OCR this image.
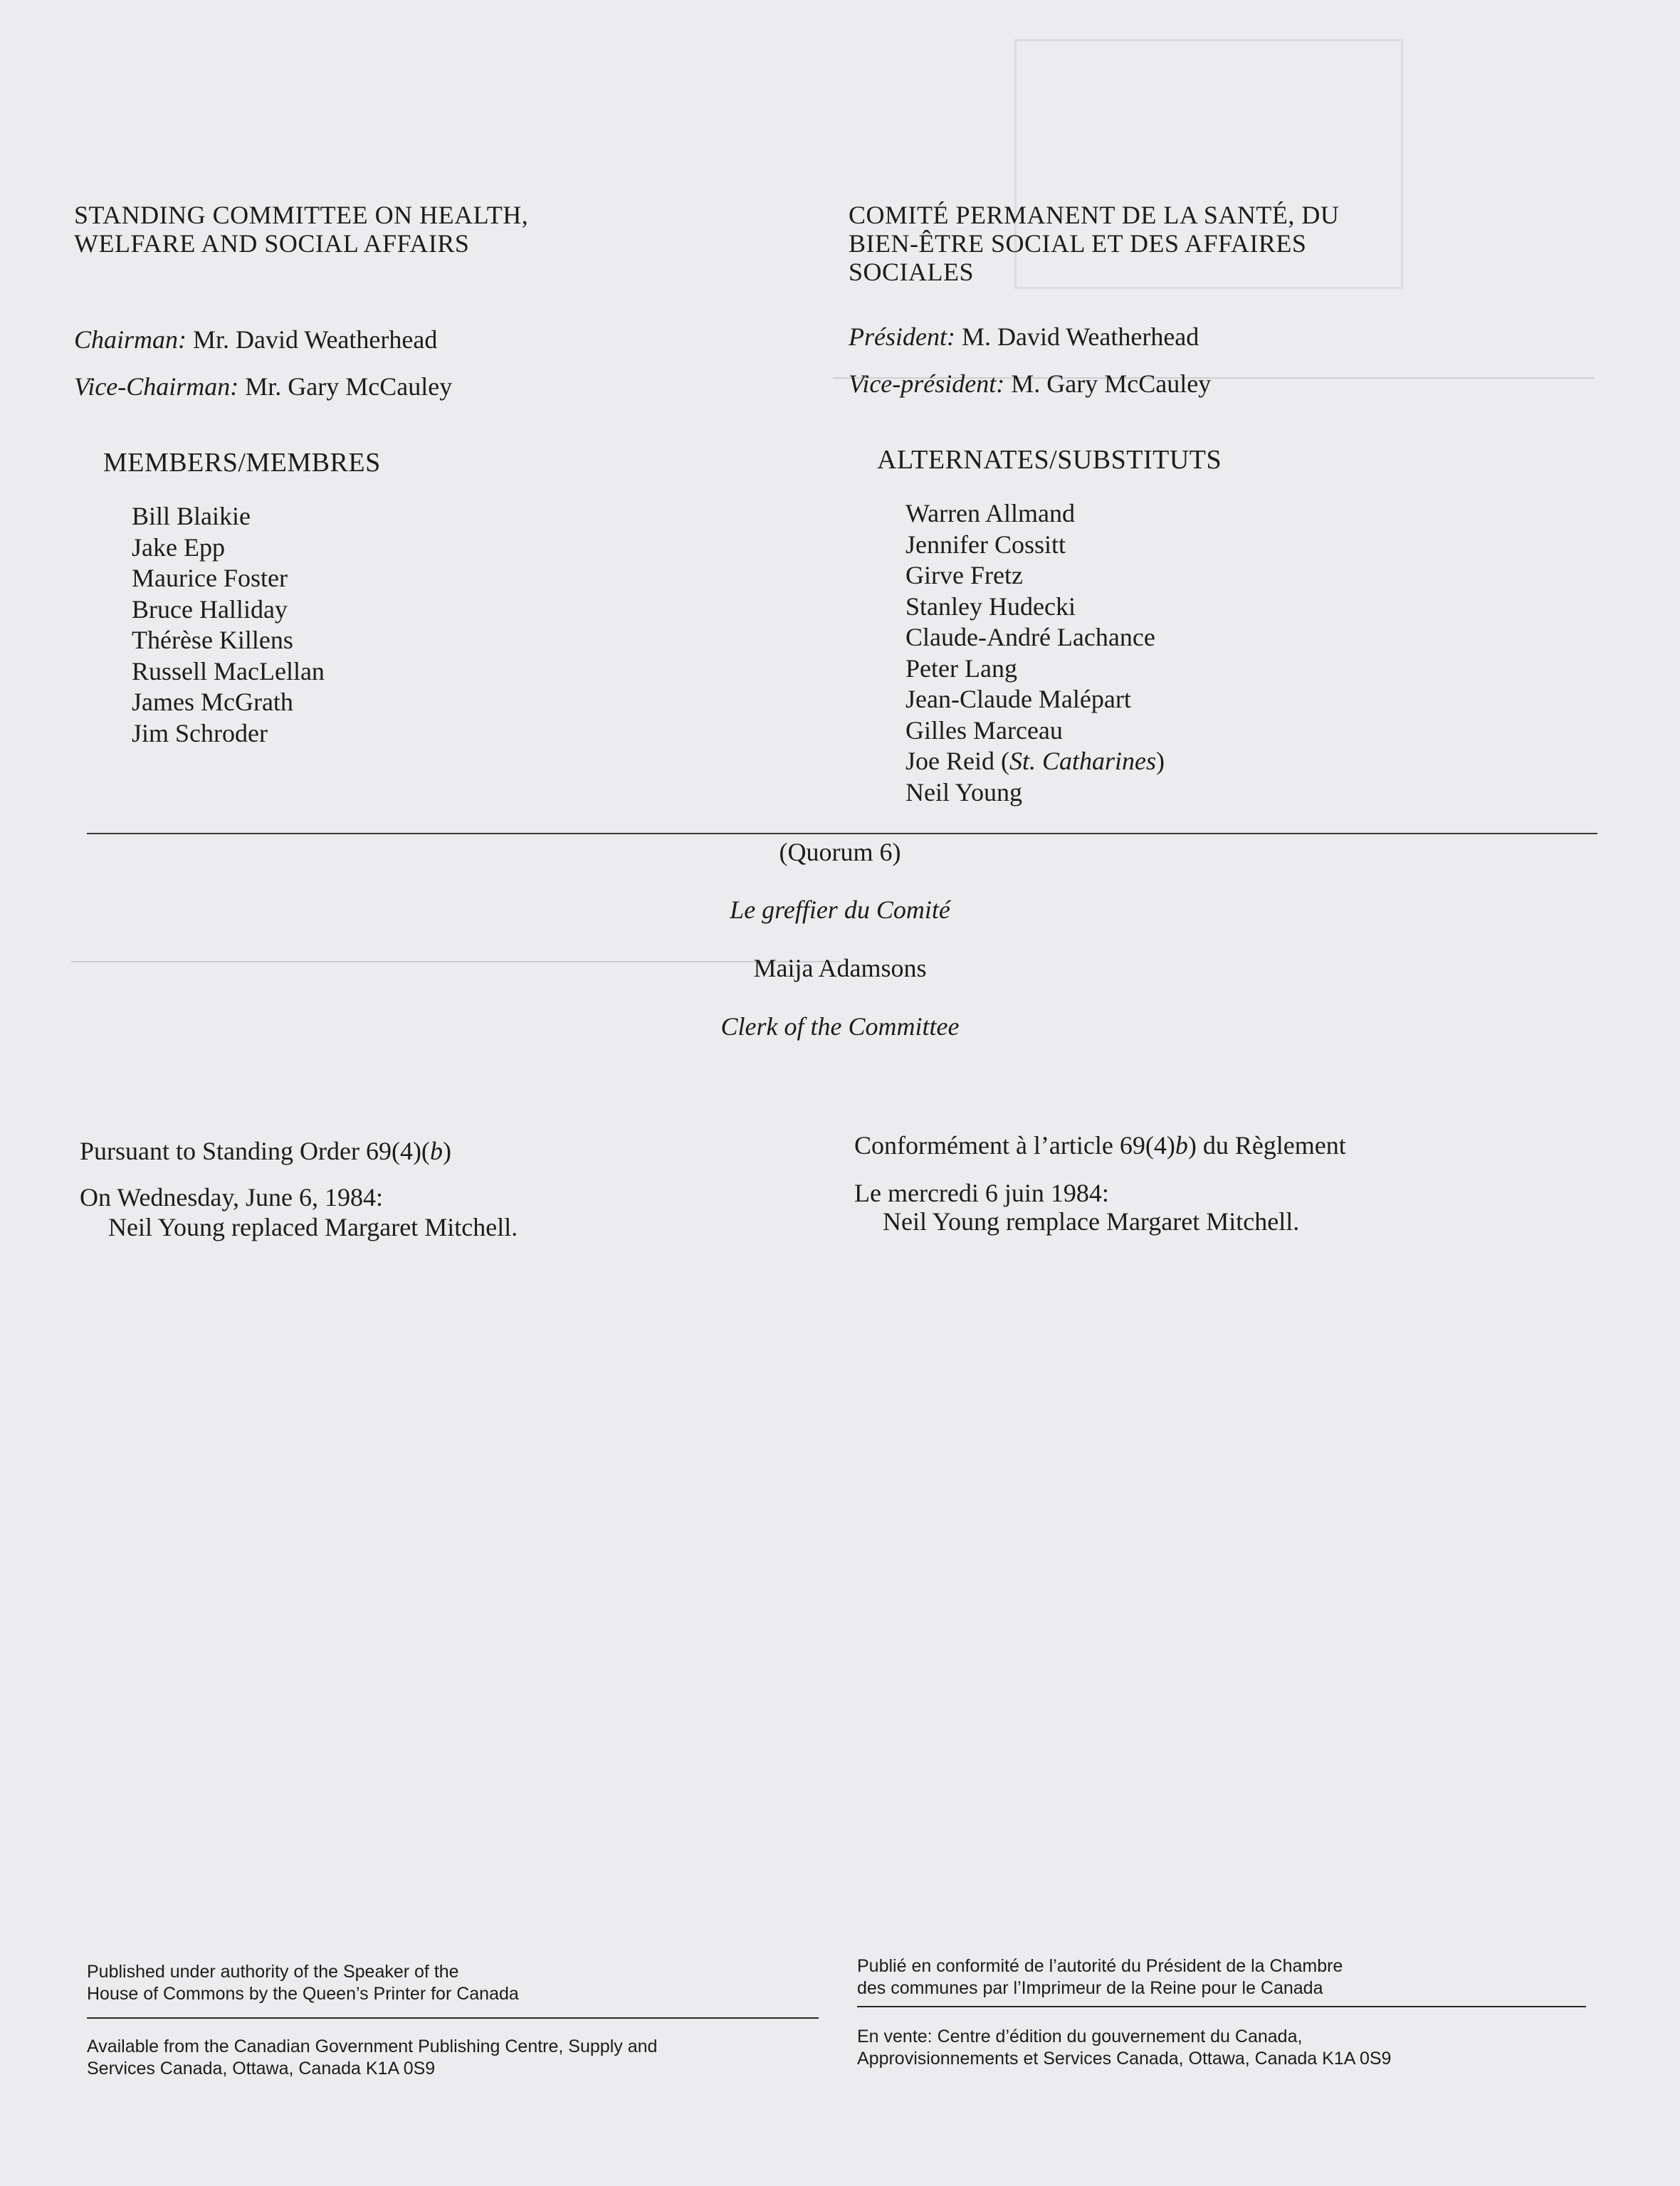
STANDING COMMITTEE ON HEALTH,
WELFARE AND SOCIAL AFFAIRS
COMITÉ PERMANENT DE LA SANTÉ, DU
BIEN-ÊTRE SOCIAL ET DES AFFAIRES
SOCIALES
Chairman: Mr. David Weatherhead
Vice-Chairman: Mr. Gary McCauley
Président: M. David Weatherhead
Vice-président: M. Gary McCauley
MEMBERS/MEMBRES	ALTERNATES/SUBSTITUTS
Bill Blaikie
Jake Epp
Maurice Foster
Bruce Halliday
Thérèse Killens
Russell MacLellan
James McGrath
Jim Schroder
Warren Allmand
Jennifer Cossitt
Girve Fretz
Stanley Hudecki
Claude-André Lachance
Peter Lang
Jean-Claude Malépart
Gilles Marceau
Joe Reid (St. Catharines)
Neil Young
(Quorum 6)
Le greffier du Comité
Maija Adamsons
Clerk of the Committee
Pursuant to Standing Order 69(4)(b)
On Wednesday, June 6, 1984:
Neil Young replaced Margaret Mitchell.
Conformément à l’article 69(4)b) du Règlement
Le mercredi 6 juin 1984:
Neil Young remplace Margaret Mitchell.
Published under authority of the Speaker of the
House of Commons by the Queen’s Printer for Canada
Available from the Canadian Government Publishing Centre, Supply and
Services Canada, Ottawa, Canada K1A 0S9
Publié en conformité de l’autorité du Président de la Chambre
des communes par l’Imprimeur de la Reine pour le Canada
En vente: Centre d’édition du gouvernement du Canada,
Approvisionnements et Services Canada, Ottawa, Canada K1A 0S9
